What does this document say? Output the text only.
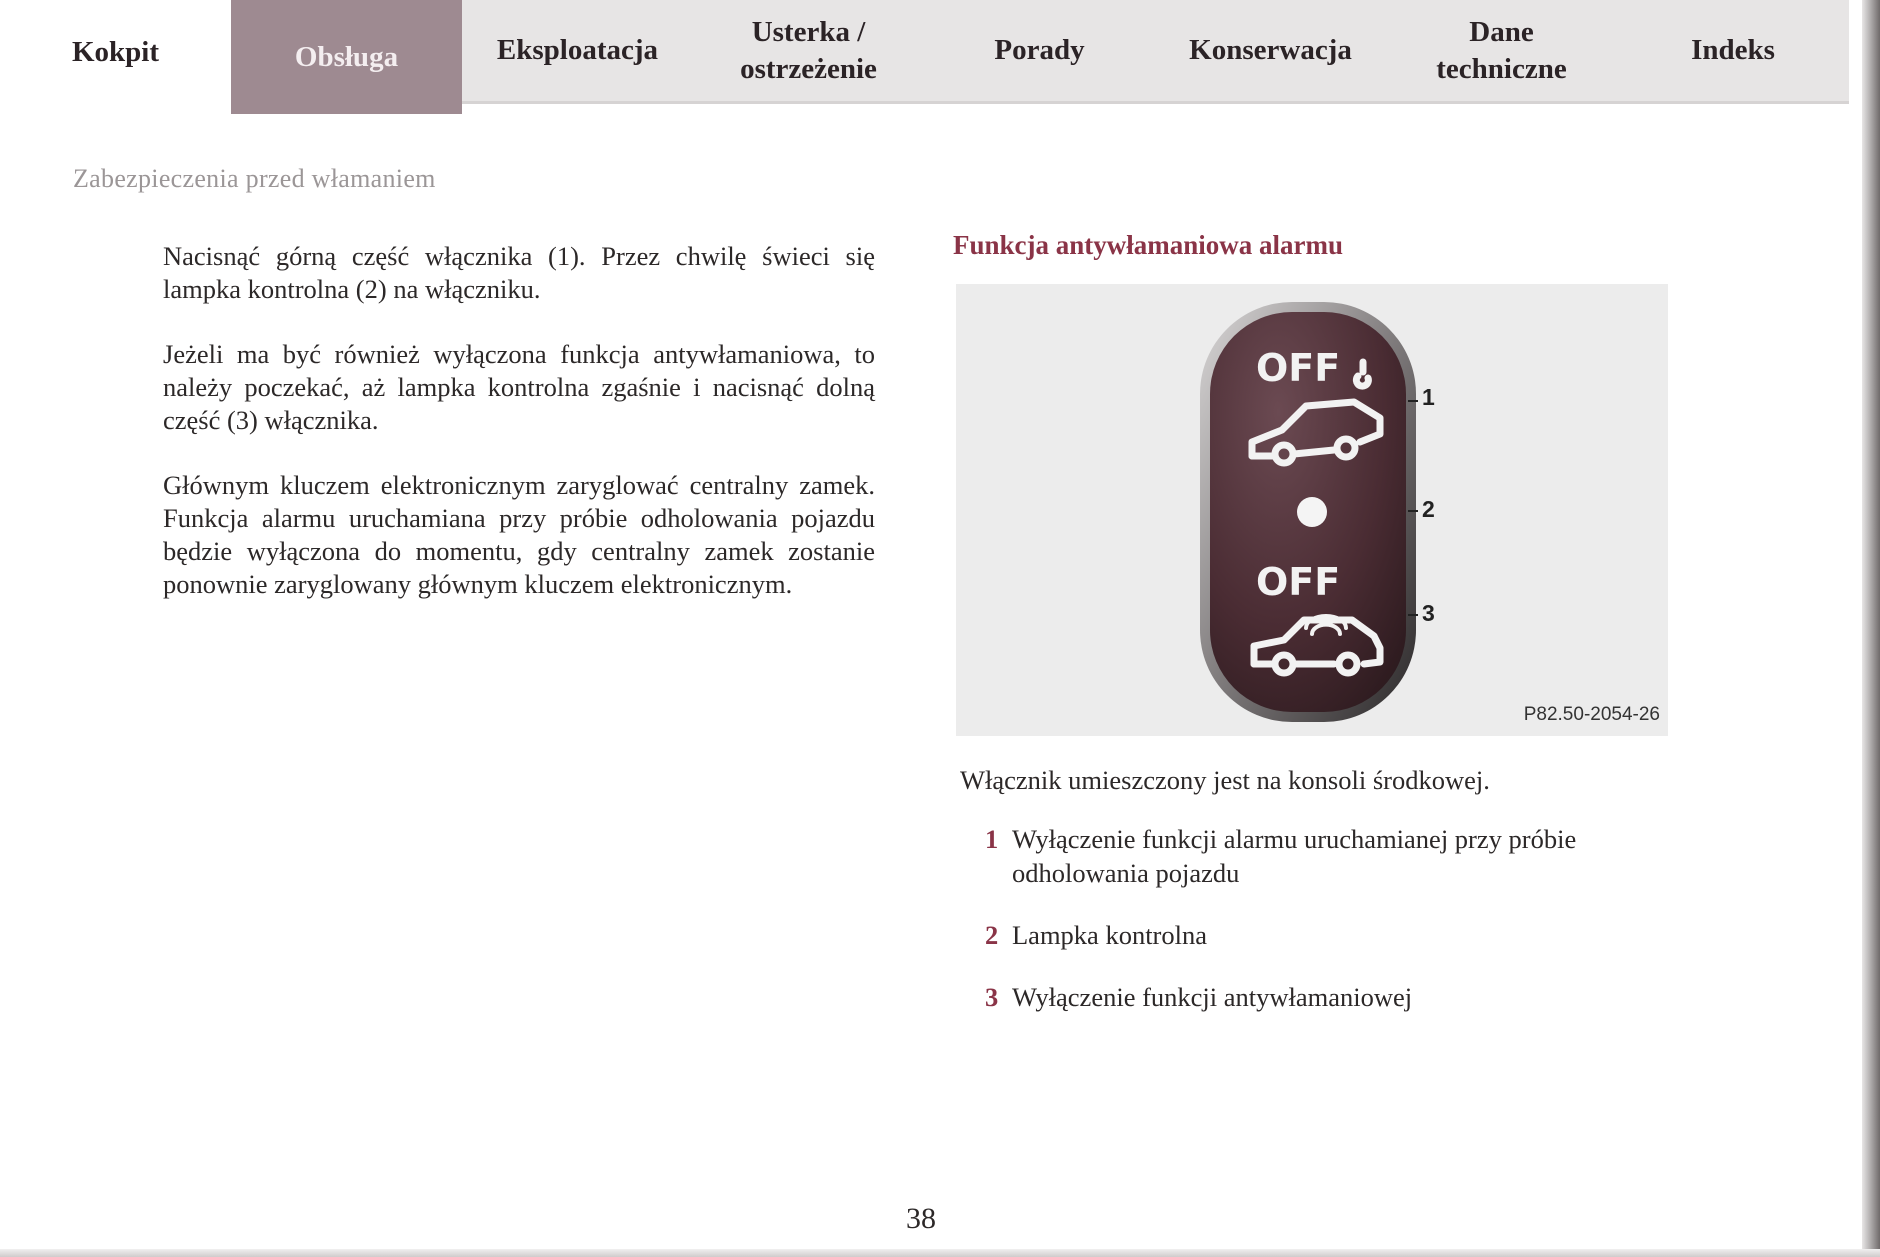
Kokpit	Obsługa	Eksploatacja
Usterka /
ostrzeżenie
Porady	Konserwacja
Dane
techniczne
Indeks
Zabezpieczenia przed włamaniem

Nacisnąć górną część włącznika (1). Przez chwilę świeci się lampka kontrolna (2) na włączniku.

Jeżeli ma być również wyłączona funkcja antywłamaniowa, to należy poczekać, aż lampka kontrolna zgaśnie i nacisnąć dolną część (3) włącznika.

Głównym kluczem elektronicznym zaryglować centralny zamek. Funkcja alarmu uruchamiana przy próbie odholowania pojazdu będzie wyłączona do momentu, gdy centralny zamek zostanie ponownie zaryglowany głównym kluczem elektronicznym.

Funkcja antywłamaniowa alarmu
OFF
OFF
1
2
3
P82.50-2054-26
Włącznik umieszczony jest na konsoli środkowej.
1 Wyłączenie funkcji alarmu uruchamianej przy próbie odholowania pojazdu
2 Lampka kontrolna
3 Wyłączenie funkcji antywłamaniowej
38
